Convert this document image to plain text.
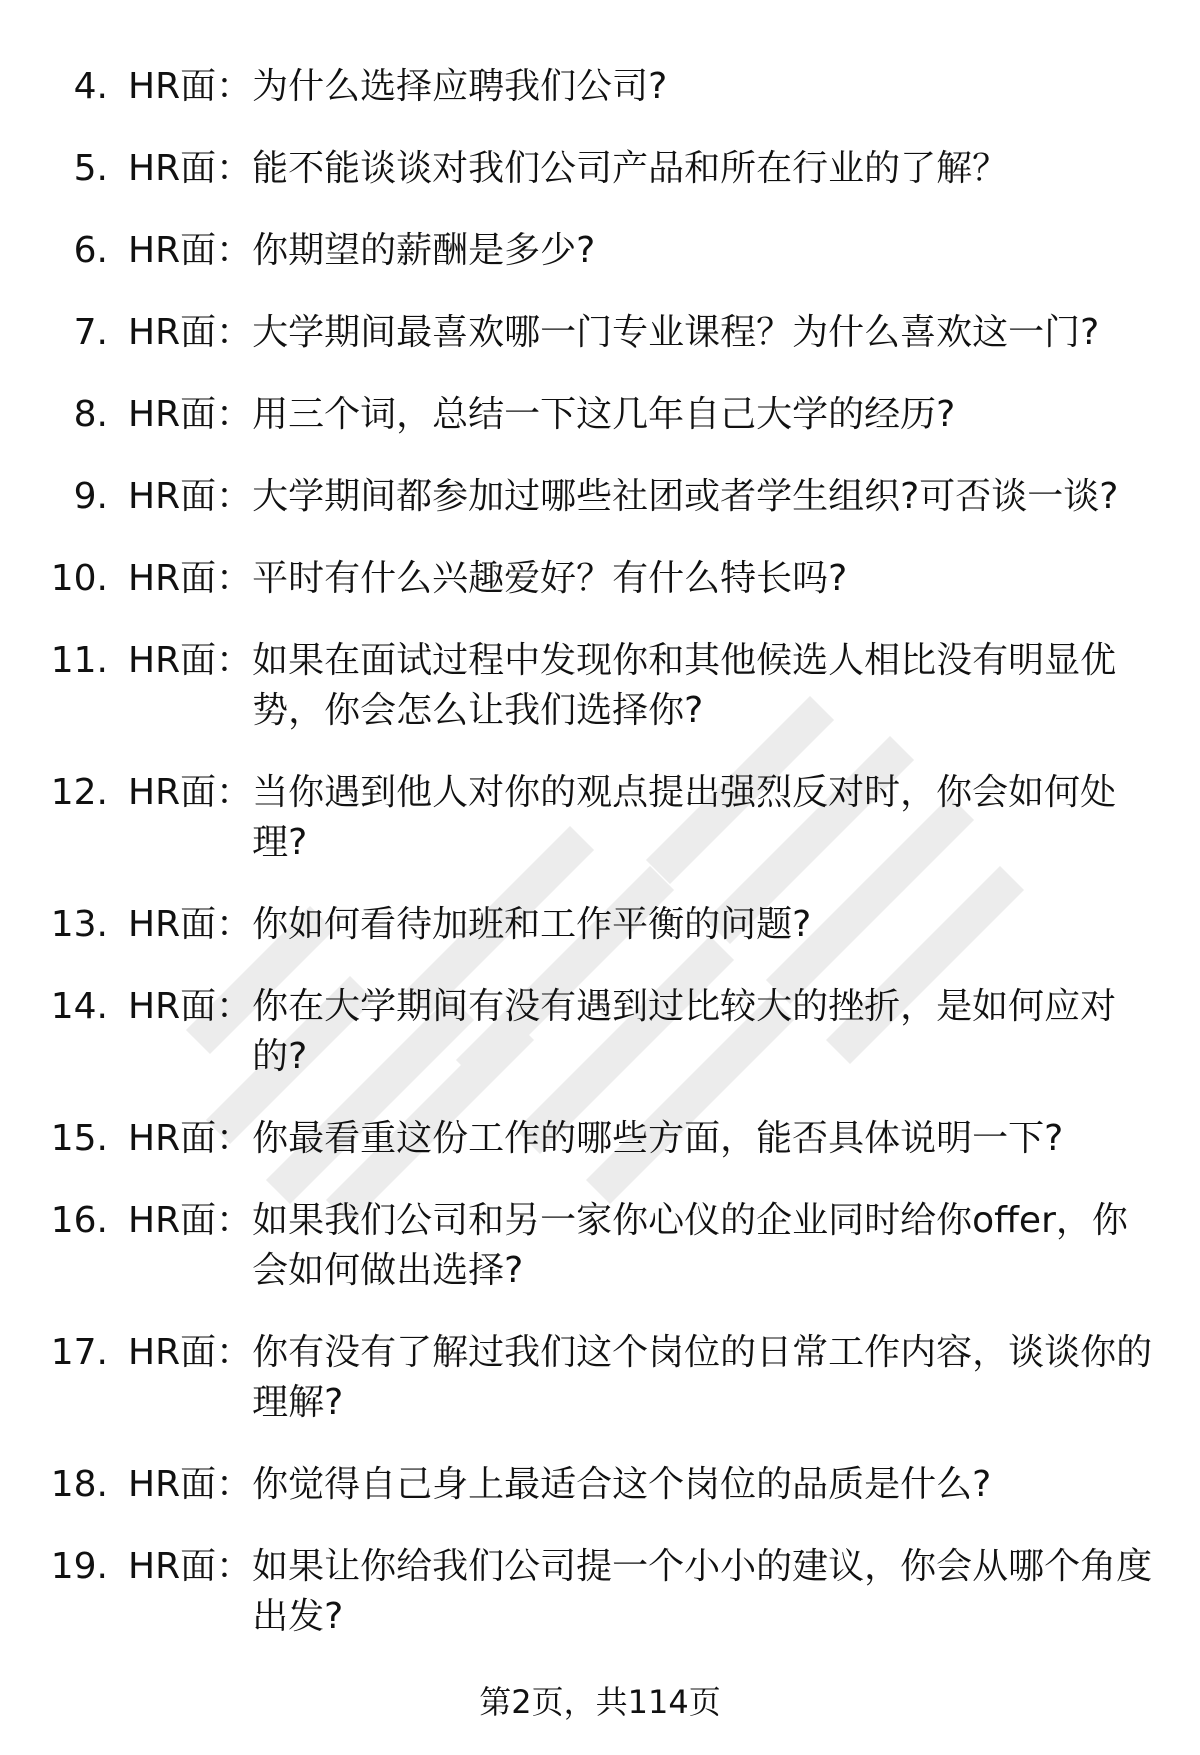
4. HR面： 为什么选择应聘我们公司?
5. HR面： 能不能谈谈对我们公司产品和所在行业的了解？
6. HR面： 你期望的薪酬是多少?
7. HR面： 大学期间最喜欢哪一门专业课程？为什么喜欢这一门?
8. HR面： 用三个词，总结一下这几年自己大学的经历?
9. HR面： 大学期间都参加过哪些社团或者学生组织?可否谈一谈?
10. HR面： 平时有什么兴趣爱好？有什么特长吗?
11. HR面： 如果在面试过程中发现你和其他候选人相比没有明显优势，你会怎么让我们选择你?
12. HR面： 当你遇到他人对你的观点提出强烈反对时，你会如何处理?
13. HR面： 你如何看待加班和工作平衡的问题?
14. HR面： 你在大学期间有没有遇到过比较大的挫折，是如何应对的?
15. HR面： 你最看重这份工作的哪些方面，能否具体说明一下?
16. HR面： 如果我们公司和另一家你心仪的企业同时给你offer，你会如何做出选择?
17. HR面： 你有没有了解过我们这个岗位的日常工作内容，谈谈你的理解?
18. HR面： 你觉得自己身上最适合这个岗位的品质是什么?
19. HR面： 如果让你给我们公司提一个小小的建议，你会从哪个角度出发?
第2页，共114页
